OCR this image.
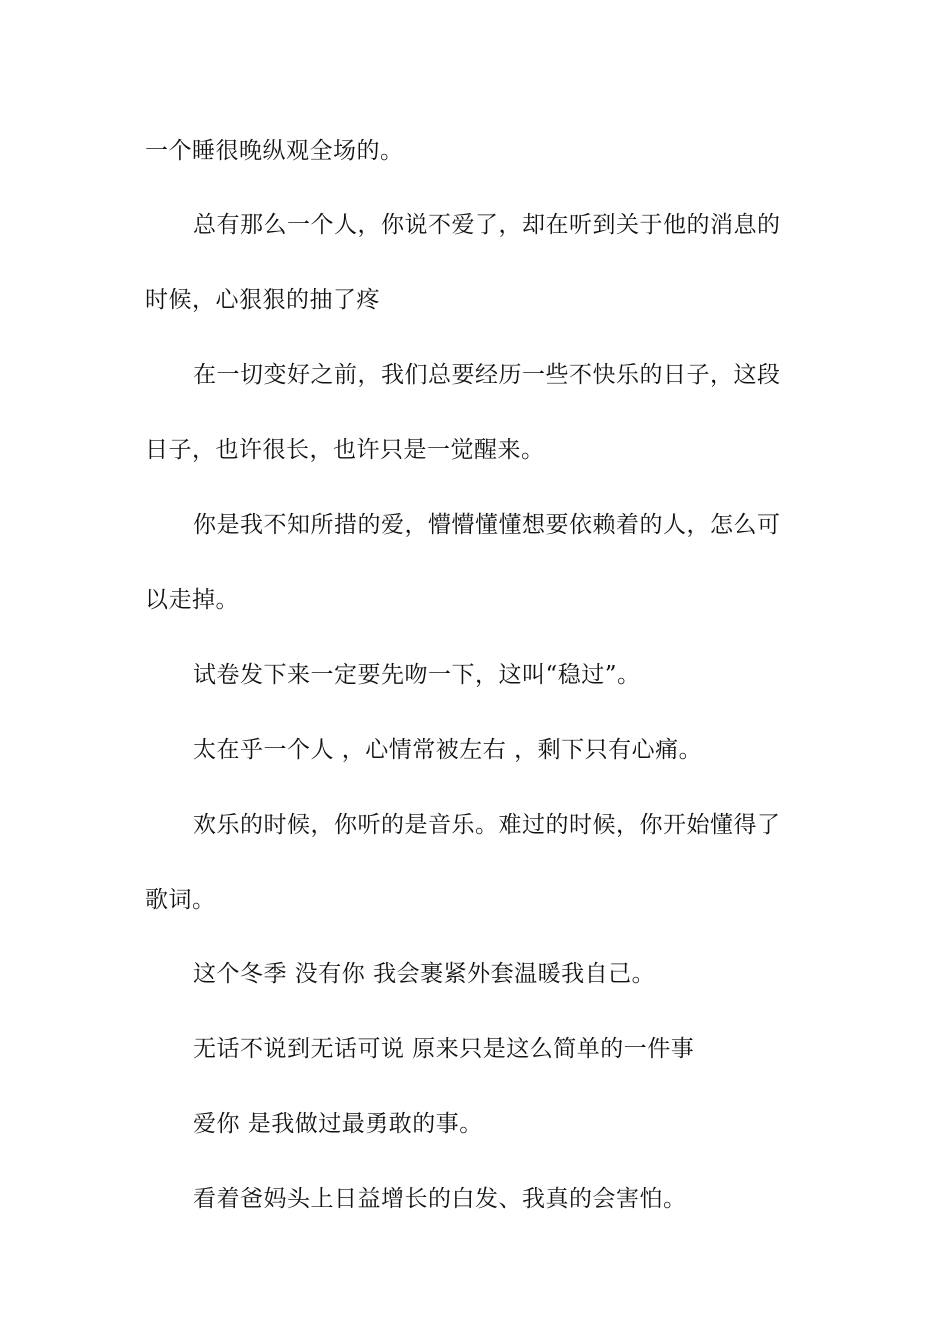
一个睡很晚纵观全场的。
总有那么一个人，你说不爱了，却在听到关于他的消息的
时候，心狠狠的抽了疼
在一切变好之前，我们总要经历一些不快乐的日子，这段
日子，也许很长，也许只是一觉醒来。
你是我不知所措的爱，懵懵懂懂想要依赖着的人，怎么可
以走掉。
试卷发下来一定要先吻一下，这叫“稳过”。
太在乎一个人 ，心情常被左右 ，剩下只有心痛。
欢乐的时候，你听的是音乐。难过的时候，你开始懂得了
歌词。
这个冬季 没有你 我会裹紧外套温暖我自己。
无话不说到无话可说 原来只是这么简单的一件事
爱你 是我做过最勇敢的事。
看着爸妈头上日益增长的白发、我真的会害怕。
